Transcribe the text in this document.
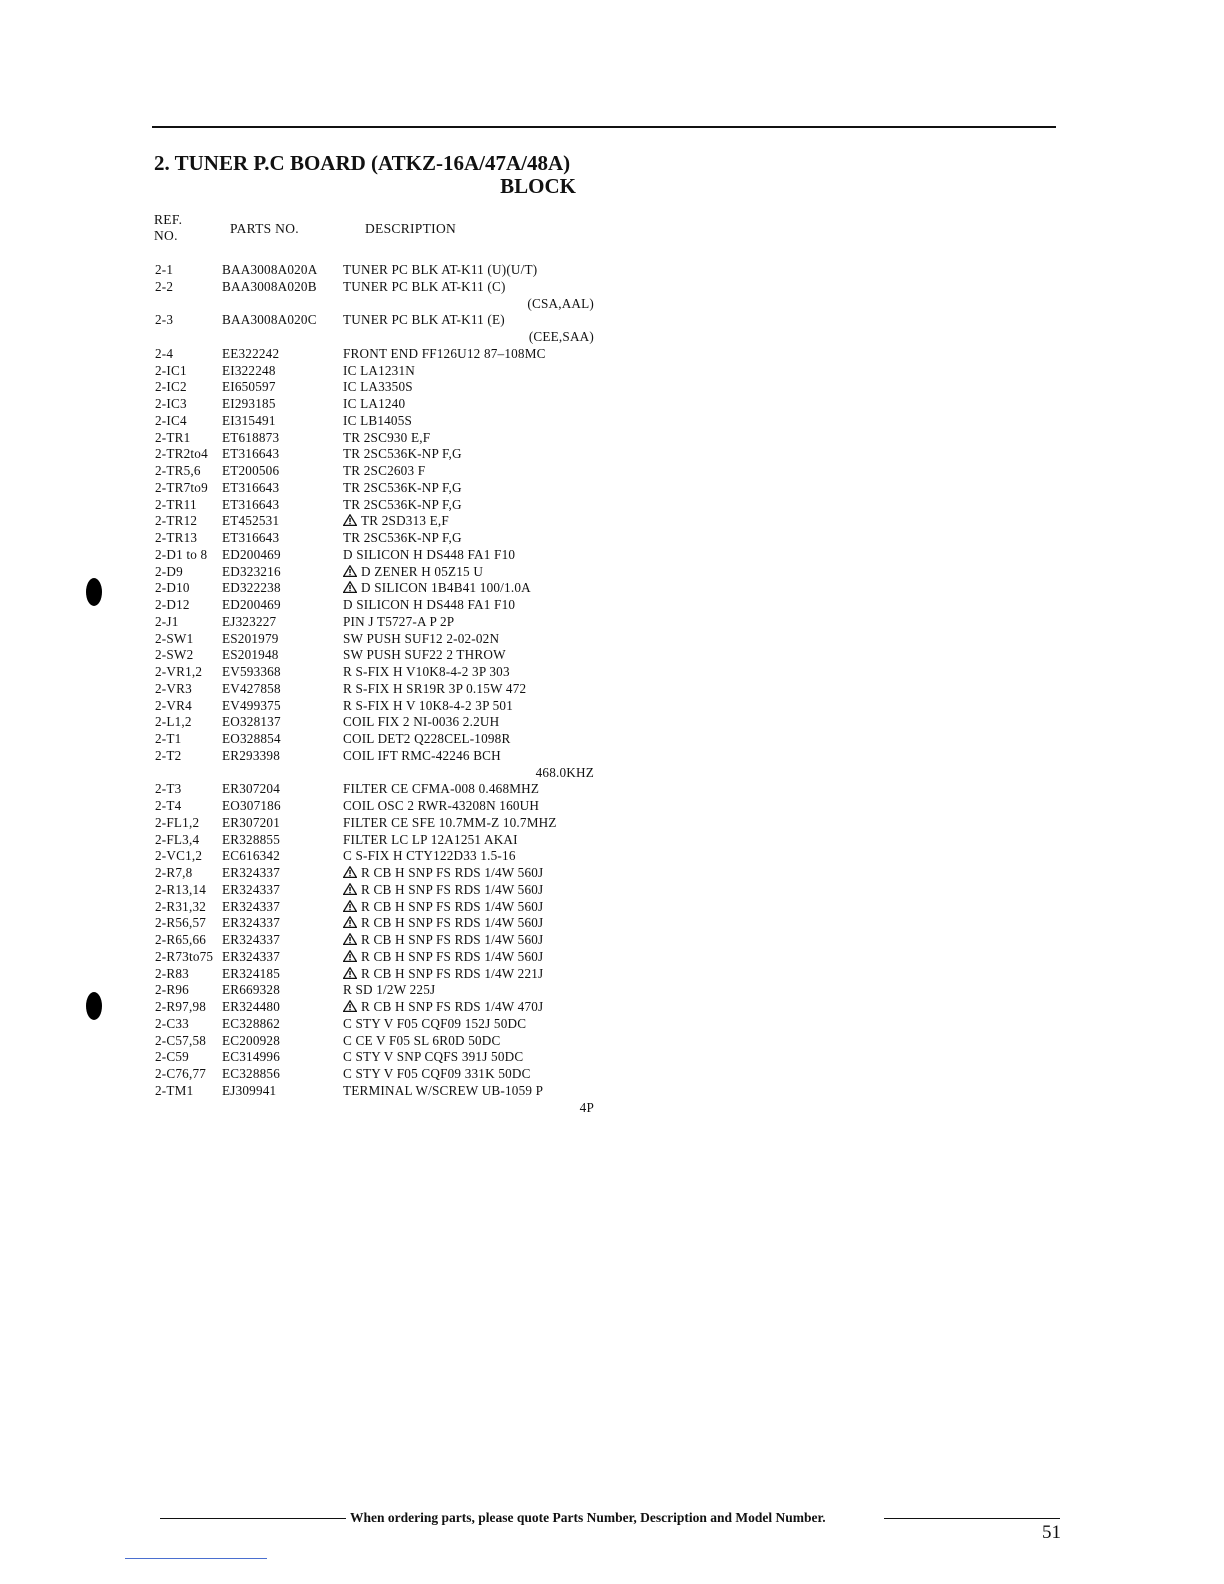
2. TUNER P.C BOARD (ATKZ-16A/47A/48A)
BLOCK
REF.
NO.	PARTS NO.	DESCRIPTION
2-1	BAA3008A020A	TUNER PC BLK AT-K11 (U)(U/T)
2-2	BAA3008A020B	TUNER PC BLK AT-K11 (C)
(CSA,AAL)
2-3	BAA3008A020C	TUNER PC BLK AT-K11 (E)
(CEE,SAA)
2-4	EE322242	FRONT END FF126U12 87–108MC
2-IC1	EI322248	IC LA1231N
2-IC2	EI650597	IC LA3350S
2-IC3	EI293185	IC LA1240
2-IC4	EI315491	IC LB1405S
2-TR1	ET618873	TR 2SC930 E,F
2-TR2to4	ET316643	TR 2SC536K-NP F,G
2-TR5,6	ET200506	TR 2SC2603 F
2-TR7to9	ET316643	TR 2SC536K-NP F,G
2-TR11	ET316643	TR 2SC536K-NP F,G
2-TR12	ET452531	TR 2SD313 E,F
2-TR13	ET316643	TR 2SC536K-NP F,G
2-D1 to 8	ED200469	D SILICON H DS448 FA1 F10
2-D9	ED323216	D ZENER H 05Z15 U
2-D10	ED322238	D SILICON 1B4B41 100/1.0A
2-D12	ED200469	D SILICON H DS448 FA1 F10
2-J1	EJ323227	PIN J T5727-A P 2P
2-SW1	ES201979	SW PUSH SUF12 2-02-02N
2-SW2	ES201948	SW PUSH SUF22 2 THROW
2-VR1,2	EV593368	R S-FIX H V10K8-4-2 3P 303
2-VR3	EV427858	R S-FIX H SR19R 3P 0.15W 472
2-VR4	EV499375	R S-FIX H V 10K8-4-2 3P 501
2-L1,2	EO328137	COIL FIX 2 NI-0036 2.2UH
2-T1	EO328854	COIL DET2 Q228CEL-1098R
2-T2	ER293398	COIL IFT RMC-42246 BCH
468.0KHZ
2-T3	ER307204	FILTER CE CFMA-008 0.468MHZ
2-T4	EO307186	COIL OSC 2 RWR-43208N 160UH
2-FL1,2	ER307201	FILTER CE SFE 10.7MM-Z 10.7MHZ
2-FL3,4	ER328855	FILTER LC LP 12A1251 AKAI
2-VC1,2	EC616342	C S-FIX H CTY122D33 1.5-16
2-R7,8	ER324337	R CB H SNP FS RDS 1/4W 560J
2-R13,14	ER324337	R CB H SNP FS RDS 1/4W 560J
2-R31,32	ER324337	R CB H SNP FS RDS 1/4W 560J
2-R56,57	ER324337	R CB H SNP FS RDS 1/4W 560J
2-R65,66	ER324337	R CB H SNP FS RDS 1/4W 560J
2-R73to75 ER324337	R CB H SNP FS RDS 1/4W 560J
2-R83	ER324185	R CB H SNP FS RDS 1/4W 221J
2-R96	ER669328	R SD 1/2W 225J
2-R97,98	ER324480	R CB H SNP FS RDS 1/4W 470J
2-C33	EC328862	C STY V F05 CQF09 152J 50DC
2-C57,58	EC200928	C CE V F05 SL 6R0D 50DC
2-C59	EC314996	C STY V SNP CQFS 391J 50DC
2-C76,77	EC328856	C STY V F05 CQF09 331K 50DC
2-TM1	EJ309941	TERMINAL W/SCREW UB-1059 P
4P
When ordering parts, please quote Parts Number, Description and Model Number.
51
